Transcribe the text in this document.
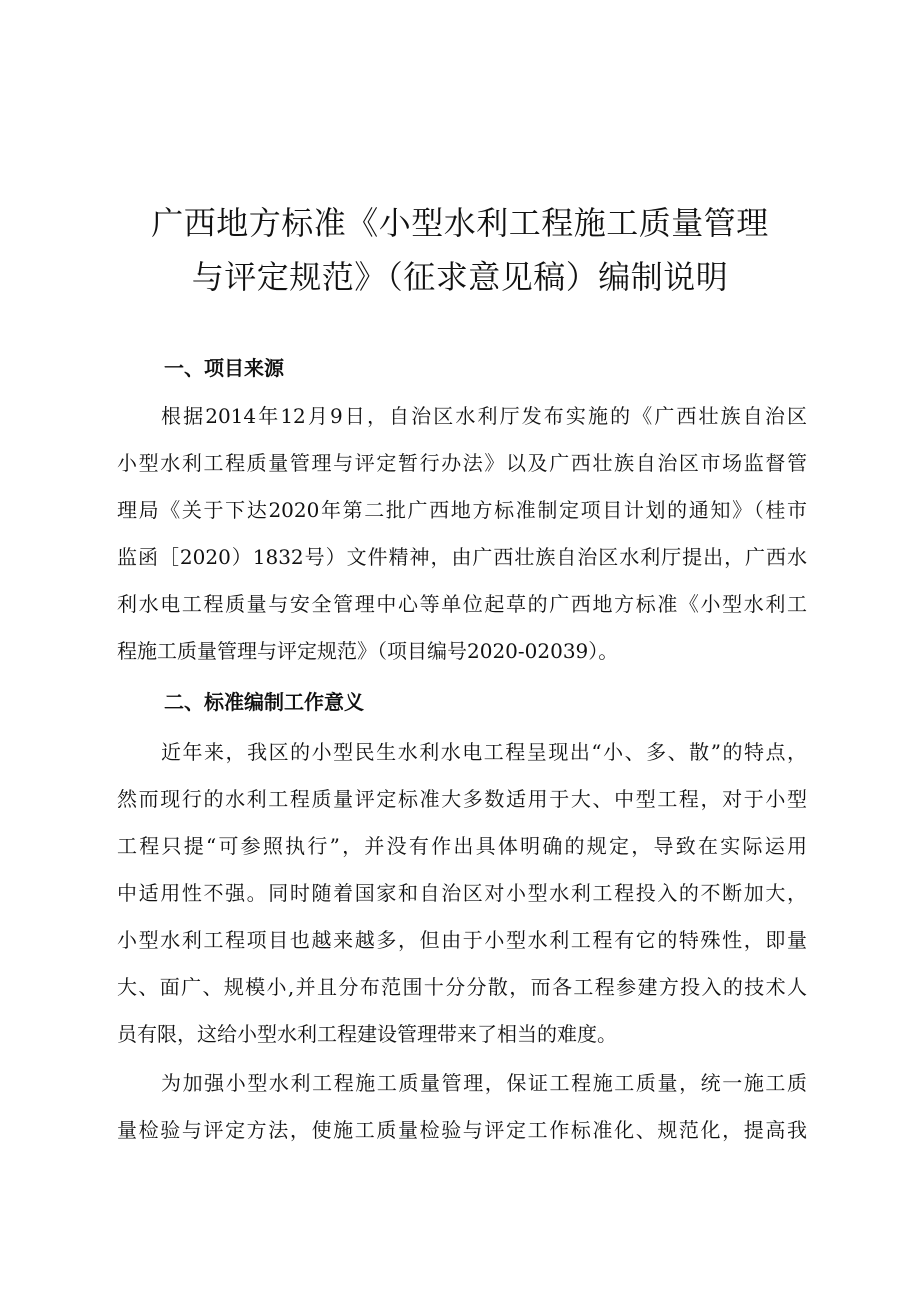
广西地方标准《小型水利工程施工质量管理
与评定规范》（征求意见稿）编制说明
一、项目来源
根据2014年12月9日，自治区水利厅发布实施的《广西壮族自治区
小型水利工程质量管理与评定暂行办法》以及广西壮族自治区市场监督管
理局《关于下达2020年第二批广西地方标准制定项目计划的通知》（桂市
监函［2020）1832号）文件精神，由广西壮族自治区水利厅提出，广西水
利水电工程质量与安全管理中心等单位起草的广西地方标准《小型水利工
程施工质量管理与评定规范》（项目编号2020-02039）。
二、标准编制工作意义
近年来，我区的小型民生水利水电工程呈现出“小、多、散”的特点，
然而现行的水利工程质量评定标准大多数适用于大、中型工程，对于小型
工程只提“可参照执行”，并没有作出具体明确的规定，导致在实际运用
中适用性不强。同时随着国家和自治区对小型水利工程投入的不断加大，
小型水利工程项目也越来越多，但由于小型水利工程有它的特殊性，即量
大、面广、规模小,并且分布范围十分分散，而各工程参建方投入的技术人
员有限，这给小型水利工程建设管理带来了相当的难度。
为加强小型水利工程施工质量管理，保证工程施工质量，统一施工质
量检验与评定方法，使施工质量检验与评定工作标准化、规范化，提高我
